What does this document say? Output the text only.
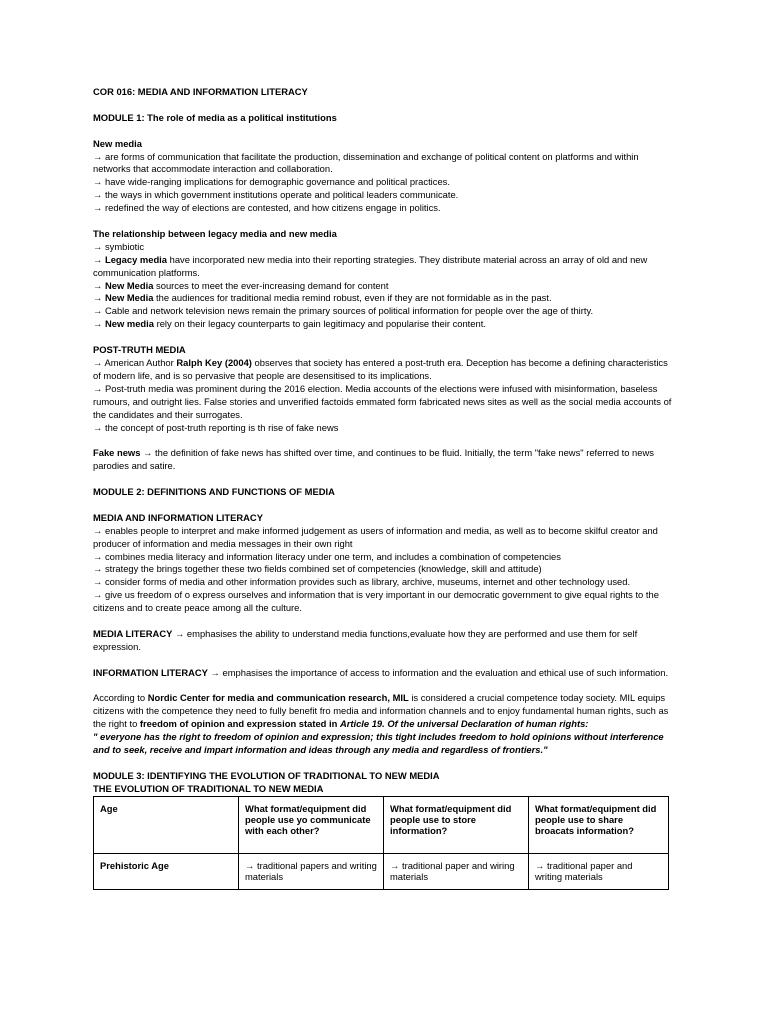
COR 016: MEDIA AND INFORMATION LITERACY

MODULE 1: The role of media as a political institutions

New media

→ are forms of communication that facilitate the production, dissemination and exchange of political content on platforms and within networks that accommodate interaction and collaboration.

→ have wide-ranging implications for demographic governance and political practices.

→ the ways in which government institutions operate and political leaders communicate.

→ redefined the way of elections are contested, and how citizens engage in politics.

The relationship between legacy media and new media

→ symbiotic

→ Legacy media have incorporated new media into their reporting strategies. They distribute material across an array of old and new communication platforms.

→ New Media sources to meet the ever-increasing demand for content

→ New Media the audiences for traditional media remind robust, even if they are not formidable as in the past.

→ Cable and network television news remain the primary sources of political information for people over the age of thirty.

→ New media rely on their legacy counterparts to gain legitimacy and popularise their content.

POST-TRUTH MEDIA

→ American Author Ralph Key (2004) observes that society has entered a post-truth era. Deception has become a defining characteristics of modern life, and is so pervasive that people are desensitised to its implications.

→ Post-truth media was prominent during the 2016 election. Media accounts of the elections were infused with misinformation, baseless rumours, and outright lies. False stories and unverified factoids emmated form fabricated news sites as well as the social media accounts of the candidates and their surrogates.

→ the concept of post-truth reporting is th rise of fake news

Fake news → the definition of fake news has shifted over time, and continues to be fluid. Initially, the term "fake news" referred to news parodies and satire.

MODULE 2: DEFINITIONS AND FUNCTIONS OF MEDIA

MEDIA AND INFORMATION LITERACY

→ enables people to interpret and make informed judgement as users of information and media, as well as to become skilful creator and producer of information and media messages in their own right

→ combines media literacy and information literacy under one term, and includes a combination of competencies

→ strategy the brings together these two fields combined set of competencies (knowledge, skill and attitude)

→ consider forms of media and other information provides such as library, archive, museums, internet and other technology used.

→ give us freedom of o express ourselves and information that is very important in our democratic government to give equal rights to the citizens and to create peace among all the culture.

MEDIA LITERACY → emphasises the ability to understand media functions,evaluate how they are performed and use them for self expression.

INFORMATION LITERACY → emphasises the importance of access to information and the evaluation and ethical use of such information.

According to Nordic Center for media and communication research, MIL is considered a crucial competence today society. MIL equips citizens with the competence they need to fully benefit fro media and information channels and to enjoy fundamental human rights, such as the right to freedom of opinion and expression stated in Article 19. Of the universal Declaration of human rights:

" everyone has the right to freedom of opinion and expression; this tight includes freedom to hold opinions without interference and to seek, receive and impart information and ideas through any media and regardless of frontiers."

MODULE 3: IDENTIFYING THE EVOLUTION OF TRADITIONAL TO NEW MEDIA

THE EVOLUTION OF TRADITIONAL TO NEW MEDIA

Age	What format/equipment did people use yo communicate with each other?	What format/equipment did people use to store information?	What format/equipment did people use to share broacats information?
Prehistoric Age	→ traditional papers and writing materials	→ traditional paper and wiring materials	→ traditional paper and writing materials
